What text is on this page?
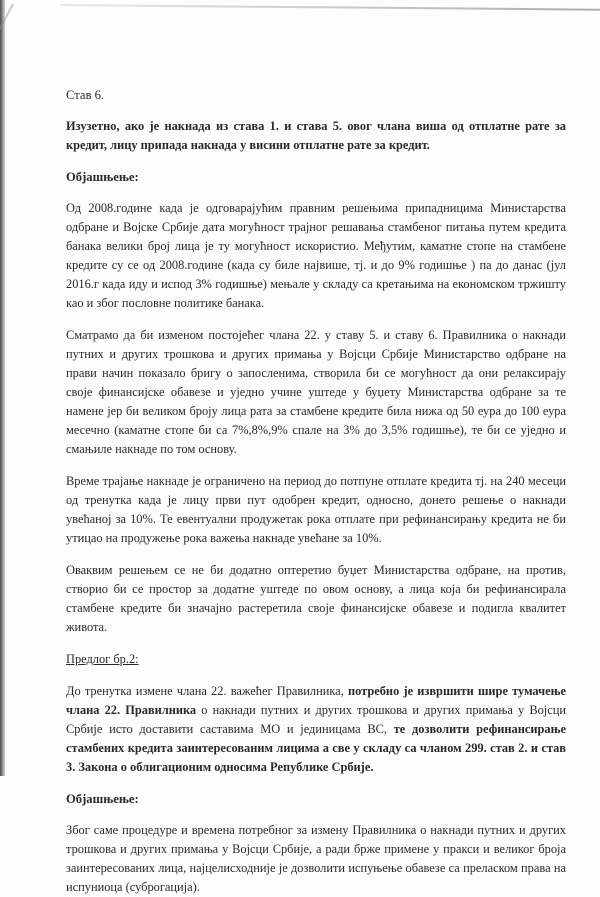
Став 6.

Изузетно, ако је накнада из става 1. и става 5. овог члана виша од отплатне рате за кредит, лицу припада накнада у висини отплатне рате за кредит.

Објашњење:

Од 2008.године када је одговарајућим правним решењима припадницима Министарства одбране и Војске Србије дата могућност трајног решавања стамбеног питања путем кредита банака велики број лица је ту могућност искористио. Међутим, каматне стопе на стамбене кредите су се од 2008.године (када су биле највише, тј. и до 9% годишње ) па до данас (јул 2016.г када иду и испод 3% годишње) мењале у складу са кретањима на економском тржишту као и због пословне политике банака.

Сматрамо да би изменом постојећег члана 22. у ставу 5. и ставу 6. Правилника о накнади путних и других трошкова и других примања у Војсци Србије Министарство одбране на прави начин показало бригу о запосленима, створила би се могућност да они релаксирају своје финансијске обавезе и уједно учине уштеде у буџету Министарства одбране за те намене јер би великом броју лица рата за стамбене кредите била нижа од 50 еура до 100 еура месечно (каматне стопе би са 7%,8%,9% спале на 3% до 3,5% годишње), те би се уједно и смањиле накнаде по том основу.

Време трајање накнаде је ограничено на период до потпуне отплате кредита тј. на 240 месеци од тренутка када је лицу први пут одобрен кредит, односно, донето решење о накнади увећаној за 10%. Те евентуални продужетак рока отплате при рефинансирању кредита не би утицао на продужење рока важења накнаде увећане за 10%.

Оваквим решењем се не би додатно оптеретио буџет Министарства одбране, на против, створио би се простор за додатне уштеде по овом основу, а лица која би рефинансирала стамбене кредите би значајно растеретила своје финансијске обавезе и подигла квалитет живота.

Предлог бр.2:

До тренутка измене члана 22. важећег Правилника, потребно је извршити шире тумачење члана 22. Правилника о накнади путних и других трошкова и других примања у Војсци Србије исто доставити саставима МО и јединицама ВС, те дозволити рефинансирање стамбених кредита заинтересованим лицима а све у складу са чланом 299. став 2. и став 3. Закона о облигационим односима Републике Србије.

Објашњење:

Због саме процедуре и времена потребног за измену Правилника о накнади путних и других трошкова и других примања у Војсци Србије, а ради брже примене у пракси и великог броја заинтересованих лица, најцелисходније је дозволити испуњење обавезе са преласком права на испуниоца (суброгација).
